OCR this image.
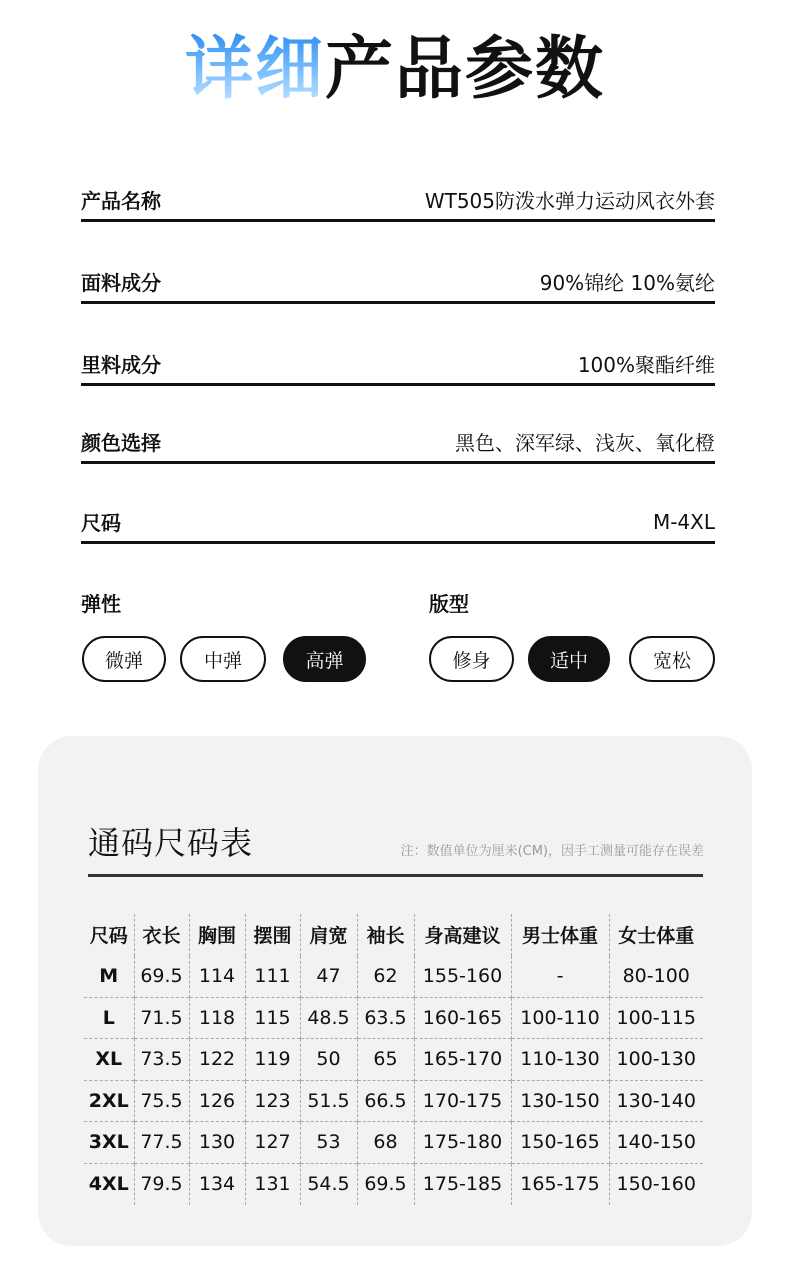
详细产品参数
产品名称	WT505防泼水弹力运动风衣外套
面料成分	90%锦纶 10%氨纶
里料成分	100%聚酯纤维
颜色选择	黑色、深军绿、浅灰、氧化橙
尺码	M-4XL
弹性
微弹	中弹	高弹
版型
修身	适中	宽松
通码尺码表	注：数值单位为厘米(CM)，因手工测量可能存在误差
尺码	衣长	胸围	摆围	肩宽	袖长	身高建议	男士体重	女士体重
M	69.5	114	111	47	62	155-160	-	80-100
L	71.5	118	115	48.5	63.5	160-165	100-110	100-115
XL	73.5	122	119	50	65	165-170	110-130	100-130
2XL	75.5	126	123	51.5	66.5	170-175	130-150	130-140
3XL	77.5	130	127	53	68	175-180	150-165	140-150
4XL	79.5	134	131	54.5	69.5	175-185	165-175	150-160
